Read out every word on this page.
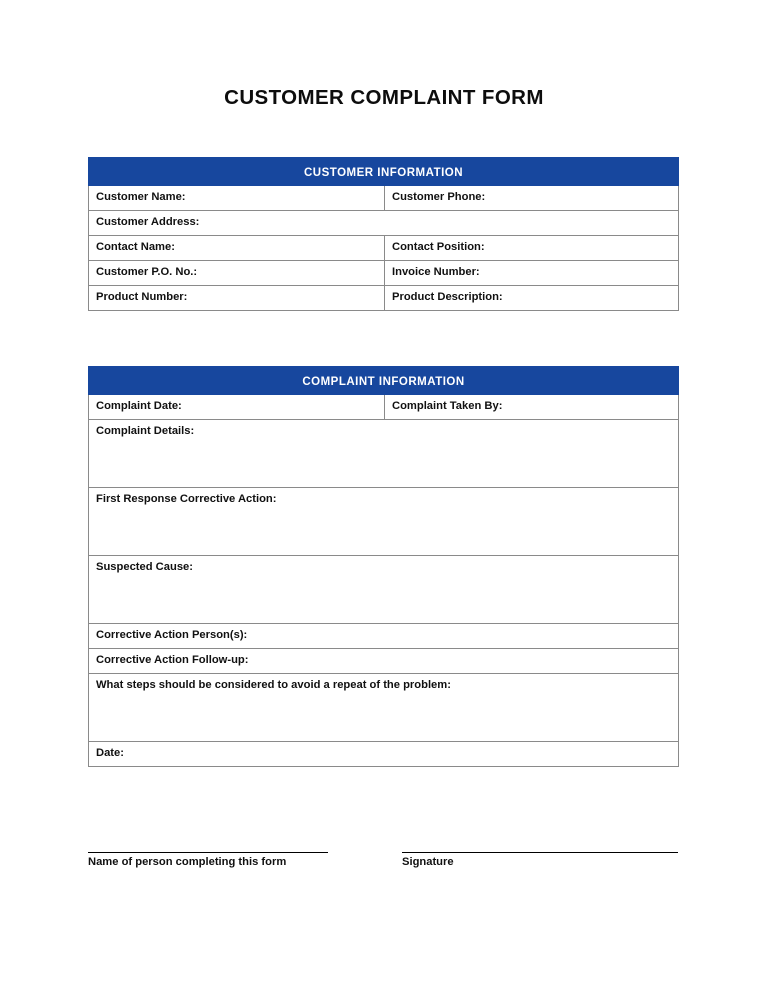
CUSTOMER COMPLAINT FORM
CUSTOMER INFORMATION	

Customer Name:	Customer Phone:

Customer Address:	

Contact Name:	Contact Position:

Customer P.O. No.:	Invoice Number:

Product Number:	Product Description:
COMPLAINT INFORMATION

Complaint Date:	Complaint Taken By:

Complaint Details:

First Response Corrective Action:

Suspected Cause:

Corrective Action Person(s):

Corrective Action Follow-up:

What steps should be considered to avoid a repeat of the problem:

Date:
Name of person completing this form	Signature
